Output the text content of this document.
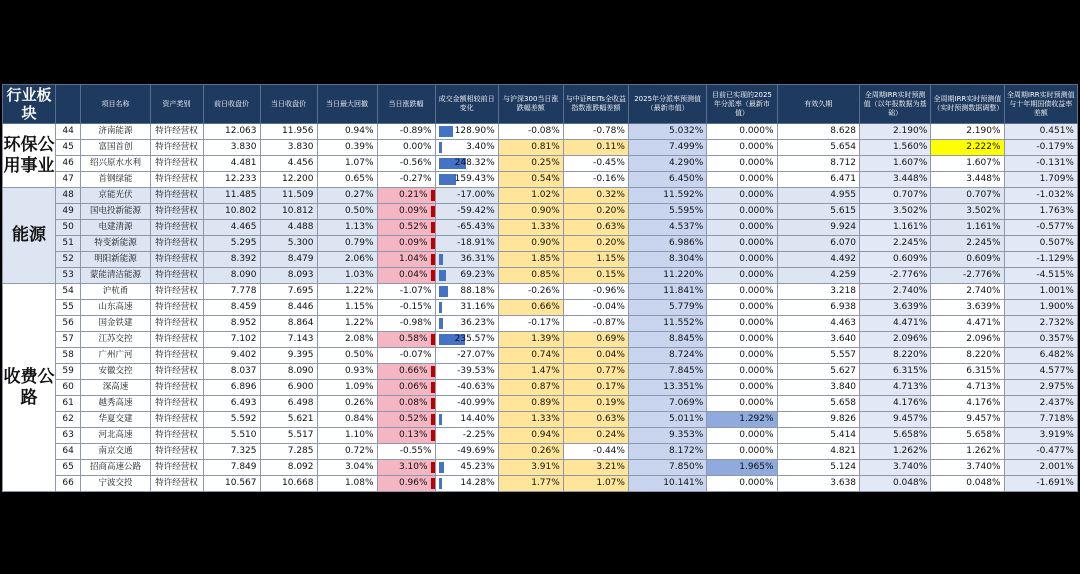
行业板块		项目名称	资产类别	前日收盘价	当日收盘价	当日最大回撤	当日涨跌幅	成交金额相较前日变化	与沪深300当日涨跌幅差额	与中证REITs全收益指数涨跌幅差额	2025年分派率预测值（最新市值）	目前已实现的2025年分派率（最新市值）	有效久期	全周期IRR实时预测值（以年报数据为基础）	全周期IRR实时预测值（实时预测数据调整）	全周期IRR实时预测值与十年期国债收益率差额
环保公用事业	44	济南能源	特许经营权	12.063	11.956	0.94%	-0.89%	128.90%	-0.08%	-0.78%	5.032%	0.000%	8.628	2.190%	2.190%	0.451%
	45	富国首创	特许经营权	3.830	3.830	0.39%	0.00%	3.40%	0.81%	0.11%	7.499%	0.000%	5.654	1.560%	2.222%	-0.179%
	46	绍兴原水水利	特许经营权	4.481	4.456	1.07%	-0.56%	248.32%	0.25%	-0.45%	4.290%	0.000%	8.712	1.607%	1.607%	-0.131%
	47	首钢绿能	特许经营权	12.233	12.200	0.65%	-0.27%	159.43%	0.54%	-0.16%	6.450%	0.000%	6.471	3.448%	3.448%	1.709%
能源	48	京能光伏	特许经营权	11.485	11.509	0.27%	0.21%	-17.00%	1.02%	0.32%	11.592%	0.000%	4.955	0.707%	0.707%	-1.032%
	49	国电投新能源	特许经营权	10.802	10.812	0.50%	0.09%	-59.42%	0.90%	0.20%	5.595%	0.000%	5.615	3.502%	3.502%	1.763%
	50	电建清源	特许经营权	4.465	4.488	1.13%	0.52%	-65.43%	1.33%	0.63%	4.537%	0.000%	9.924	1.161%	1.161%	-0.577%
	51	特变新能源	特许经营权	5.295	5.300	0.79%	0.09%	-18.91%	0.90%	0.20%	6.986%	0.000%	6.070	2.245%	2.245%	0.507%
	52	明阳新能源	特许经营权	8.392	8.479	2.06%	1.04%	36.31%	1.85%	1.15%	8.304%	0.000%	4.492	0.609%	0.609%	-1.129%
	53	蒙能清洁能源	特许经营权	8.090	8.093	1.03%	0.04%	69.23%	0.85%	0.15%	11.220%	0.000%	4.259	-2.776%	-2.776%	-4.515%
收费公路	54	沪杭甬	特许经营权	7.778	7.695	1.22%	-1.07%	88.18%	-0.26%	-0.96%	11.841%	0.000%	3.218	2.740%	2.740%	1.001%
	55	山东高速	特许经营权	8.459	8.446	1.15%	-0.15%	31.16%	0.66%	-0.04%	5.779%	0.000%	6.938	3.639%	3.639%	1.900%
	56	国金铁建	特许经营权	8.952	8.864	1.22%	-0.98%	36.23%	-0.17%	-0.87%	11.552%	0.000%	4.463	4.471%	4.471%	2.732%
	57	江苏交控	特许经营权	7.102	7.143	2.08%	0.58%	235.57%	1.39%	0.69%	8.845%	0.000%	3.640	2.096%	2.096%	0.357%
	58	广州广河	特许经营权	9.402	9.395	0.50%	-0.07%	-27.07%	0.74%	0.04%	8.724%	0.000%	5.557	8.220%	8.220%	6.482%
	59	安徽交控	特许经营权	8.037	8.090	0.93%	0.66%	-39.53%	1.47%	0.77%	7.845%	0.000%	5.627	6.315%	6.315%	4.577%
	60	深高速	特许经营权	6.896	6.900	1.09%	0.06%	-40.63%	0.87%	0.17%	13.351%	0.000%	3.840	4.713%	4.713%	2.975%
	61	越秀高速	特许经营权	6.493	6.498	0.26%	0.08%	-40.99%	0.89%	0.19%	7.069%	0.000%	5.658	4.176%	4.176%	2.437%
	62	华夏交建	特许经营权	5.592	5.621	0.84%	0.52%	14.40%	1.33%	0.63%	5.011%	1.292%	9.826	9.457%	9.457%	7.718%
	63	河北高速	特许经营权	5.510	5.517	1.10%	0.13%	-2.25%	0.94%	0.24%	9.353%	0.000%	5.414	5.658%	5.658%	3.919%
	64	南京交通	特许经营权	7.325	7.285	0.72%	-0.55%	-49.69%	0.26%	-0.44%	8.172%	0.000%	4.821	1.262%	1.262%	-0.477%
	65	招商高速公路	特许经营权	7.849	8.092	3.04%	3.10%	45.23%	3.91%	3.21%	7.850%	1.965%	5.124	3.740%	3.740%	2.001%
	66	宁波交投	特许经营权	10.567	10.668	1.08%	0.96%	14.28%	1.77%	1.07%	10.141%	0.000%	3.638	0.048%	0.048%	-1.691%
